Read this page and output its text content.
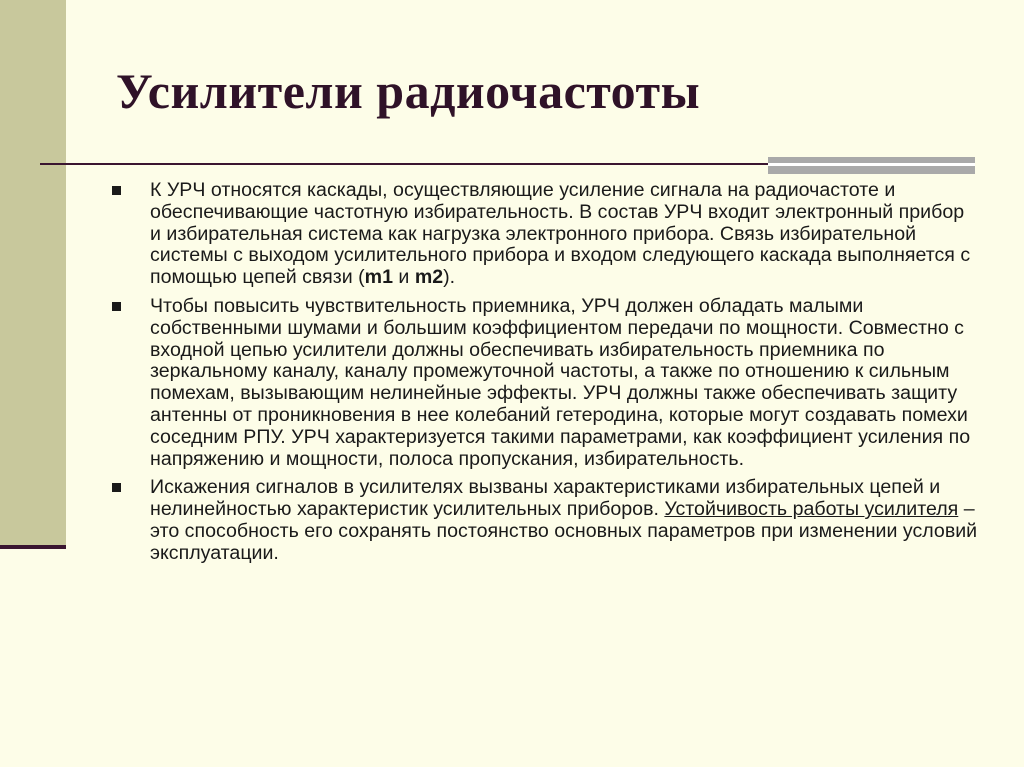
Усилители радиочастоты
К УРЧ относятся каскады, осуществляющие усиление сигнала на радиочастоте и обеспечивающие частотную избирательность. В состав УРЧ входит электронный прибор и избирательная система как нагрузка электронного прибора. Связь избирательной системы с выходом усилительного прибора и входом следующего каскада выполняется с помощью цепей связи (m1 и m2).
Чтобы повысить чувствительность приемника, УРЧ должен обладать малыми собственными шумами и большим коэффициентом передачи по мощности. Совместно с входной цепью усилители должны обеспечивать избирательность приемника по зеркальному каналу, каналу промежуточной частоты, а также по отношению к сильным помехам, вызывающим нелинейные эффекты. УРЧ должны также обеспечивать защиту антенны от проникновения в нее колебаний гетеродина, которые могут создавать помехи соседним РПУ. УРЧ характеризуется такими параметрами, как коэффициент усиления по напряжению и мощности, полоса пропускания, избирательность.
Искажения сигналов в усилителях вызваны характеристиками избирательных цепей и нелинейностью характеристик усилительных приборов. Устойчивость работы усилителя – это способность его сохранять постоянство основных параметров при изменении условий эксплуатации.
